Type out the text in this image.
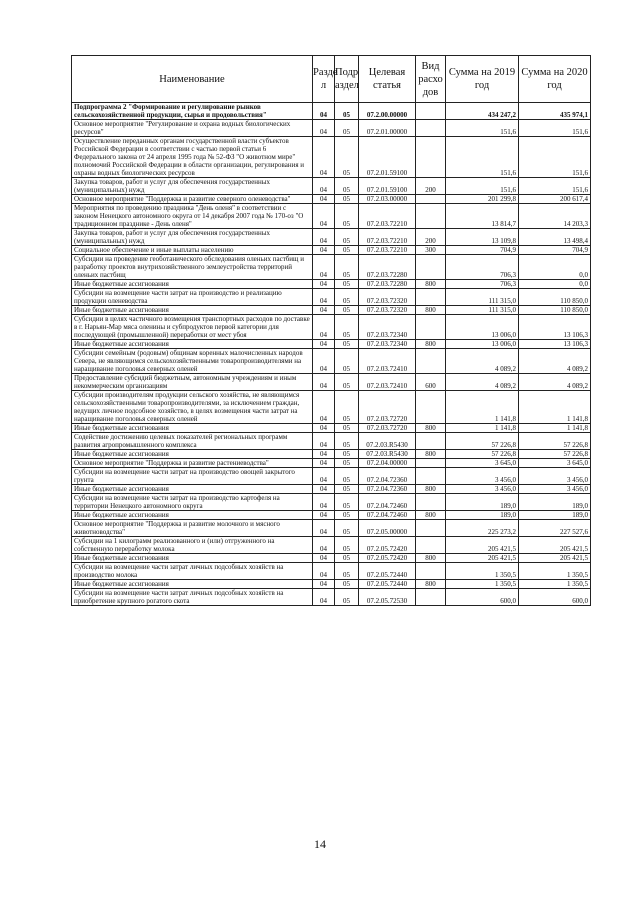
Наименование	Разде л	Подр аздел	Целевая статья	Вид расхо дов	Сумма на 2019 год	Сумма на 2020 год
Подпрограмма 2 "Формирование и регулирование рынков сельскохозяйственной продукции, сырья и продовольствия"	04	05	07.2.00.00000		434 247,2	435 974,1
Основное мероприятие "Регулирование и охрана водных биологических ресурсов"	04	05	07.2.01.00000		151,6	151,6
Осуществление переданных органам государственной власти субъектов Российской Федерации в соответствии с частью первой статьи 6 Федерального закона от 24 апреля 1995 года № 52-ФЗ "О животном мире" полномочий Российской Федерации в области организации, регулирования и охраны водных биологических ресурсов	04	05	07.2.01.59100		151,6	151,6
Закупка товаров, работ и услуг для обеспечения государственных (муниципальных) нужд	04	05	07.2.01.59100	200	151,6	151,6
Основное мероприятие "Поддержка и развитие северного оленеводства"	04	05	07.2.03.00000		201 299,8	200 617,4
Мероприятия по проведению праздника "День оленя" в соответствии с законом Ненецкого автономного округа от 14 декабря 2007 года № 170-оз "О традиционном празднике - День оленя"	04	05	07.2.03.72210		13 814,7	14 203,3
Закупка товаров, работ и услуг для обеспечения государственных (муниципальных) нужд	04	05	07.2.03.72210	200	13 109,8	13 498,4
Социальное обеспечение и иные выплаты населению	04	05	07.2.03.72210	300	704,9	704,9
Субсидии на проведение геоботанического обследования оленьих пастбищ и разработку проектов внутрихозяйственного землеустройства территорий оленьих пастбищ	04	05	07.2.03.72280		706,3	0,0
Иные бюджетные ассигнования	04	05	07.2.03.72280	800	706,3	0,0
Субсидии на возмещение части затрат на производство и реализацию продукции оленеводства	04	05	07.2.03.72320		111 315,0	110 850,0
Иные бюджетные ассигнования	04	05	07.2.03.72320	800	111 315,0	110 850,0
Субсидии в целях частичного возмещения транспортных расходов по доставке в г. Нарьян-Мар мяса оленины и субпродуктов первой категории для последующей (промышленной) переработки от мест убоя	04	05	07.2.03.72340		13 006,0	13 106,3
Иные бюджетные ассигнования	04	05	07.2.03.72340	800	13 006,0	13 106,3
Субсидии семейным (родовым) общинам коренных малочисленных народов Севера, не являющимся сельскохозяйственными товаропроизводителями на наращивание поголовья северных оленей	04	05	07.2.03.72410		4 089,2	4 089,2
Предоставление субсидий бюджетным, автономным учреждениям и иным некоммерческим организациям	04	05	07.2.03.72410	600	4 089,2	4 089,2
Субсидии производителям продукции сельского хозяйства, не являющимся сельскохозяйственными товаропроизводителями, за исключением граждан, ведущих личное подсобное хозяйство, в целях возмещения части затрат на наращивание поголовья северных оленей	04	05	07.2.03.72720		1 141,8	1 141,8
Иные бюджетные ассигнования	04	05	07.2.03.72720	800	1 141,8	1 141,8
Содействие достижению целевых показателей региональных программ развития агропромышленного комплекса	04	05	07.2.03.R5430		57 226,8	57 226,8
Иные бюджетные ассигнования	04	05	07.2.03.R5430	800	57 226,8	57 226,8
Основное мероприятие "Поддержка и развитие растениеводства"	04	05	07.2.04.00000		3 645,0	3 645,0
Субсидии на возмещение части затрат на производство овощей закрытого грунта	04	05	07.2.04.72360		3 456,0	3 456,0
Иные бюджетные ассигнования	04	05	07.2.04.72360	800	3 456,0	3 456,0
Субсидии на возмещение части затрат на производство картофеля на территории Ненецкого автономного округа	04	05	07.2.04.72460		189,0	189,0
Иные бюджетные ассигнования	04	05	07.2.04.72460	800	189,0	189,0
Основное мероприятие "Поддержка и развитие молочного и мясного животноводства"	04	05	07.2.05.00000		225 273,2	227 527,6
Субсидии на 1 килограмм реализованного и (или) отгруженного на собственную переработку молока	04	05	07.2.05.72420		205 421,5	205 421,5
Иные бюджетные ассигнования	04	05	07.2.05.72420	800	205 421,5	205 421,5
Субсидии на возмещение части затрат личных подсобных хозяйств на производство молока	04	05	07.2.05.72440		1 350,5	1 350,5
Иные бюджетные ассигнования	04	05	07.2.05.72440	800	1 350,5	1 350,5
Субсидии на возмещение части затрат личных подсобных хозяйств на приобретение крупного рогатого скота	04	05	07.2.05.72530		600,0	600,0
14
